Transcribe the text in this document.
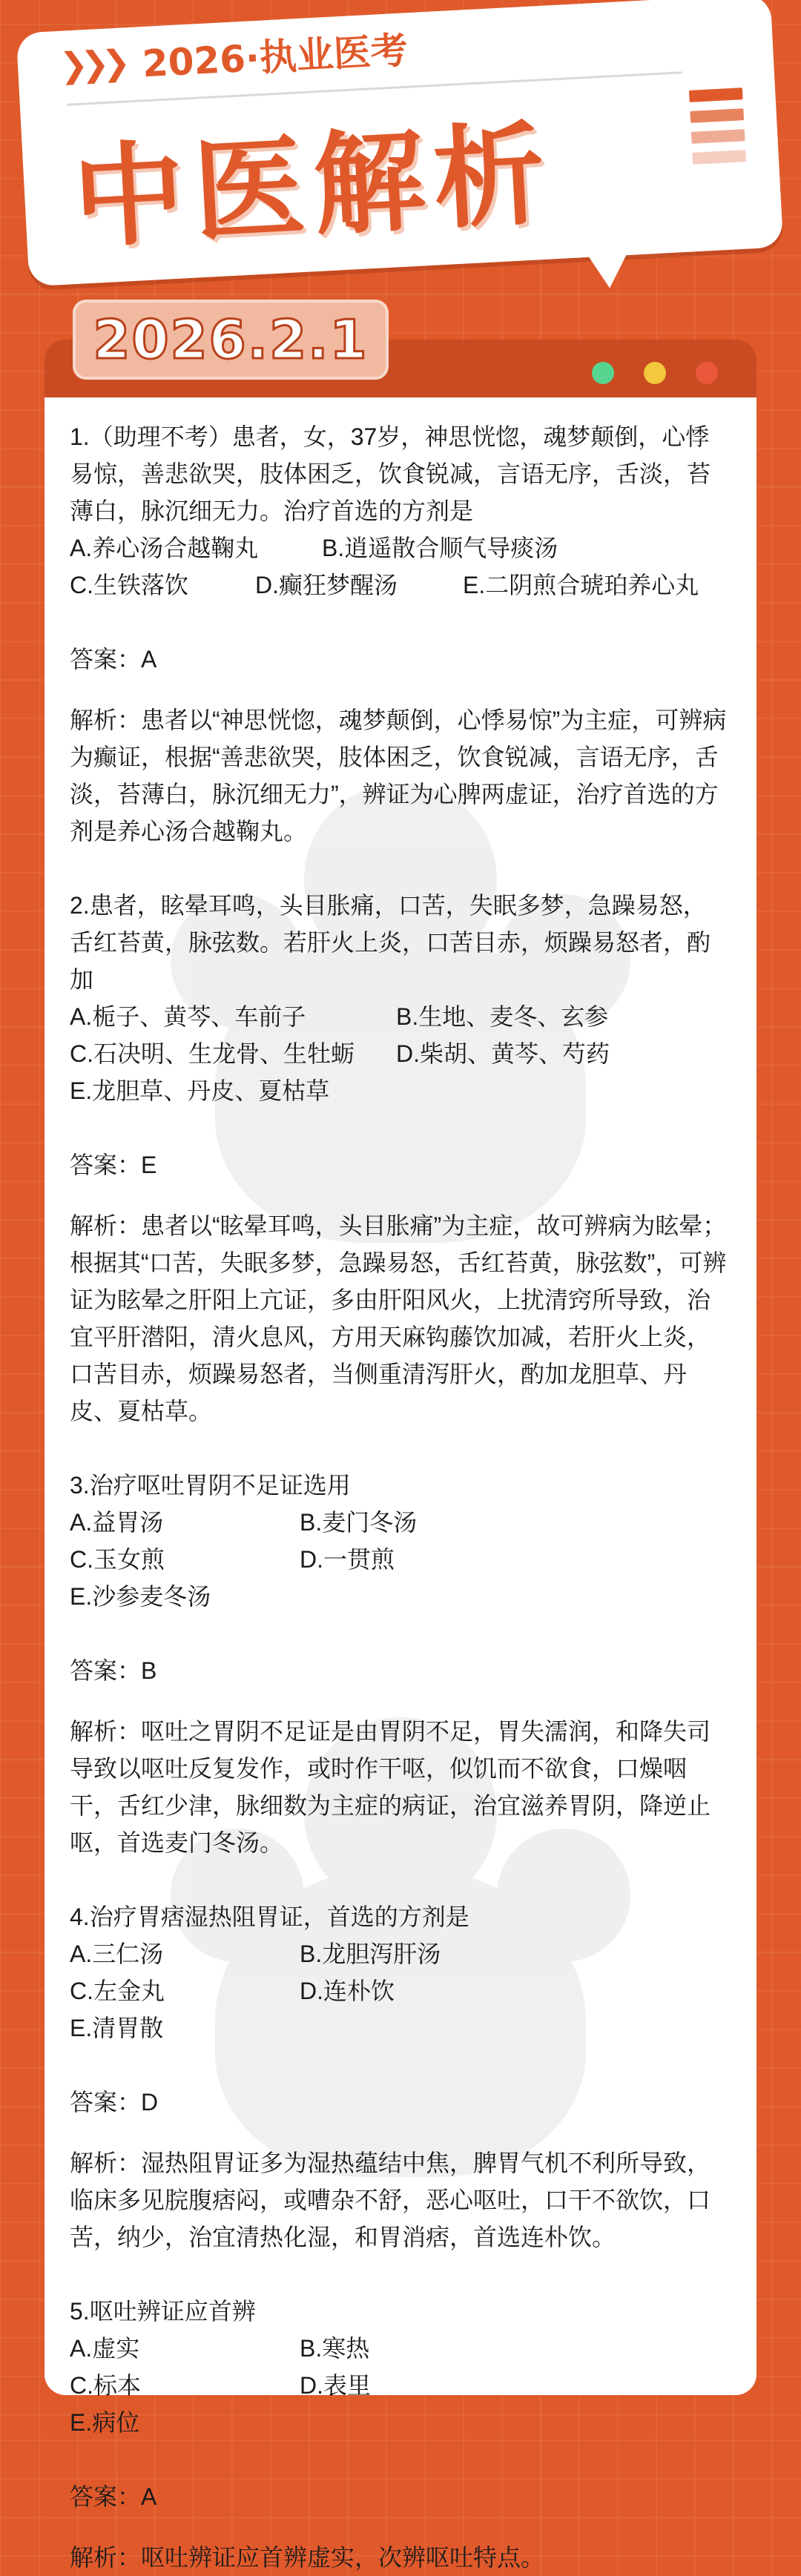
❯❯❯ 2026·执业医考
中医解析
2026.2.1

1.（助理不考）患者，女，37岁，神思恍惚，魂梦颠倒，心悸易惊，善悲欲哭，肢体困乏，饮食锐减，言语无序，舌淡，苔薄白，脉沉细无力。治疗首选的方剂是

A.养心汤合越鞠丸	B.逍遥散合顺气导痰汤
C.生铁落饮	D.癫狂梦醒汤	E.二阴煎合琥珀养心丸

答案：A

解析：患者以“神思恍惚，魂梦颠倒，心悸易惊”为主症，可辨病为癫证，根据“善悲欲哭，肢体困乏，饮食锐减，言语无序，舌淡，苔薄白，脉沉细无力”，辨证为心脾两虚证，治疗首选的方剂是养心汤合越鞠丸。

2.患者，眩晕耳鸣，头目胀痛，口苦，失眠多梦，急躁易怒，舌红苔黄，脉弦数。若肝火上炎，口苦目赤，烦躁易怒者，酌加

A.栀子、黄芩、车前子	B.生地、麦冬、玄参
C.石决明、生龙骨、生牡蛎	D.柴胡、黄芩、芍药
E.龙胆草、丹皮、夏枯草

答案：E

解析：患者以“眩晕耳鸣，头目胀痛”为主症，故可辨病为眩晕；根据其“口苦，失眠多梦，急躁易怒，舌红苔黄，脉弦数”，可辨证为眩晕之肝阳上亢证，多由肝阳风火，上扰清窍所导致，治宜平肝潜阳，清火息风，方用天麻钩藤饮加减，若肝火上炎，口苦目赤，烦躁易怒者，当侧重清泻肝火，酌加龙胆草、丹皮、夏枯草。

3.治疗呕吐胃阴不足证选用

A.益胃汤	B.麦门冬汤
C.玉女煎	D.一贯煎
E.沙参麦冬汤

答案：B

解析：呕吐之胃阴不足证是由胃阴不足，胃失濡润，和降失司导致以呕吐反复发作，或时作干呕，似饥而不欲食，口燥咽干，舌红少津，脉细数为主症的病证，治宜滋养胃阴，降逆止呕，首选麦门冬汤。

4.治疗胃痞湿热阻胃证，首选的方剂是

A.三仁汤	B.龙胆泻肝汤
C.左金丸	D.连朴饮
E.清胃散

答案：D

解析：湿热阻胃证多为湿热蕴结中焦，脾胃气机不利所导致，临床多见脘腹痞闷，或嘈杂不舒，恶心呕吐，口干不欲饮，口苦，纳少，治宜清热化湿，和胃消痞，首选连朴饮。

5.呕吐辨证应首辨

A.虚实	B.寒热
C.标本	D.表里
E.病位

答案：A

解析：呕吐辨证应首辨虚实，次辨呕吐特点。
